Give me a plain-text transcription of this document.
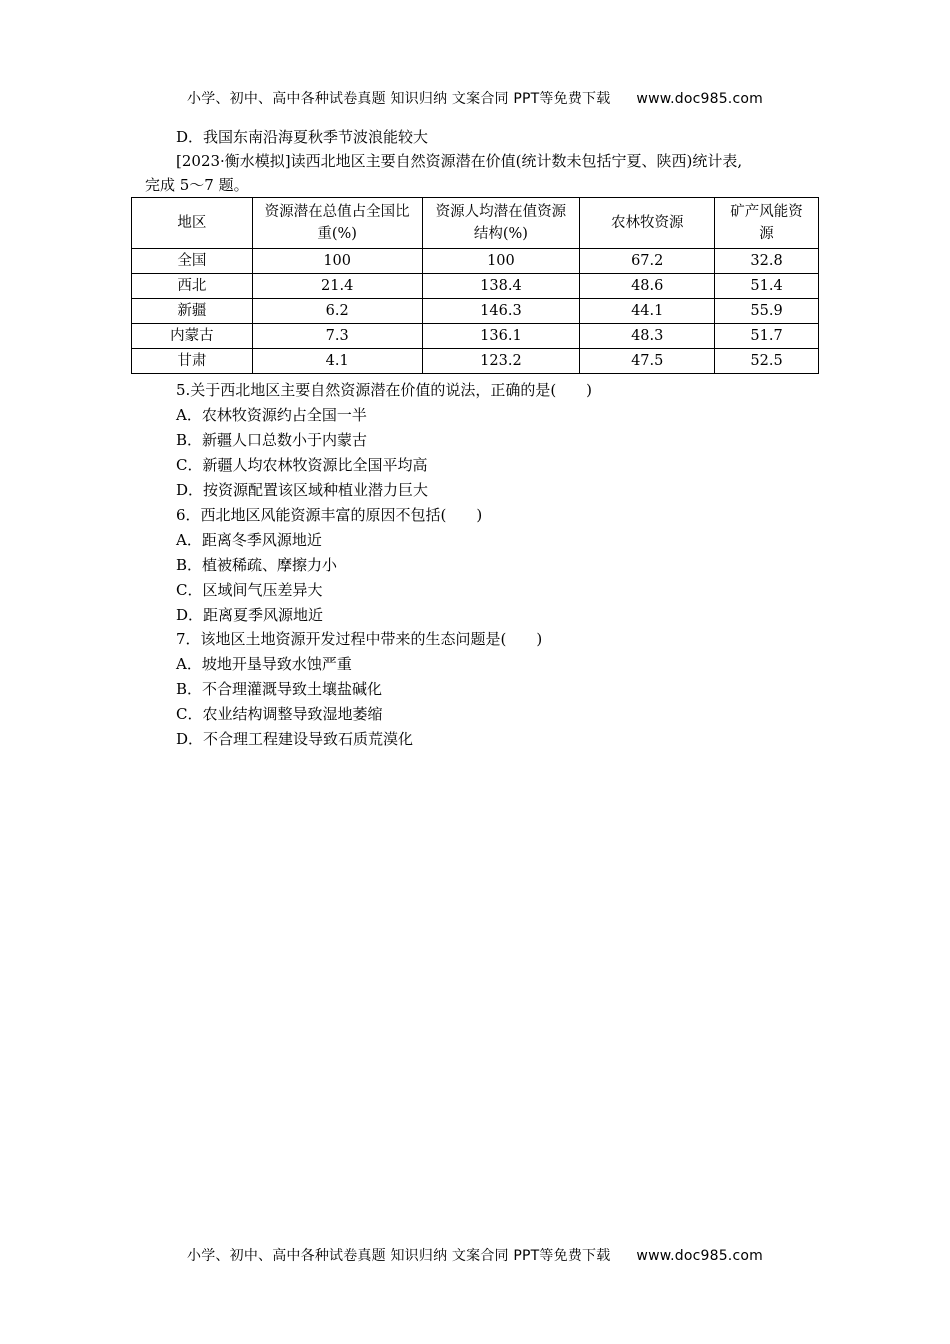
小学、初中、高中各种试卷真题 知识归纳 文案合同 PPT等免费下载 www.doc985.com
D．我国东南沿海夏秋季节波浪能较大
[2023·衡水模拟]读西北地区主要自然资源潜在价值(统计数未包括宁夏、陕西)统计表,
完成 5～7 题。
地区	资源潜在总值占全国比重(%)	资源人均潜在值资源结构(%)	农林牧资源	矿产风能资源
全国	100	100	67.2	32.8
西北	21.4	138.4	48.6	51.4
新疆	6.2	146.3	44.1	55.9
内蒙古	7.3	136.1	48.3	51.7
甘肃	4.1	123.2	47.5	52.5
5.关于西北地区主要自然资源潜在价值的说法，正确的是(　　)
A．农林牧资源约占全国一半
B．新疆人口总数小于内蒙古
C．新疆人均农林牧资源比全国平均高
D．按资源配置该区域种植业潜力巨大
6．西北地区风能资源丰富的原因不包括(　　)
A．距离冬季风源地近
B．植被稀疏、摩擦力小
C．区域间气压差异大
D．距离夏季风源地近
7．该地区土地资源开发过程中带来的生态问题是(　　)
A．坡地开垦导致水蚀严重
B．不合理灌溉导致土壤盐碱化
C．农业结构调整导致湿地萎缩
D．不合理工程建设导致石质荒漠化
小学、初中、高中各种试卷真题 知识归纳 文案合同 PPT等免费下载 www.doc985.com
